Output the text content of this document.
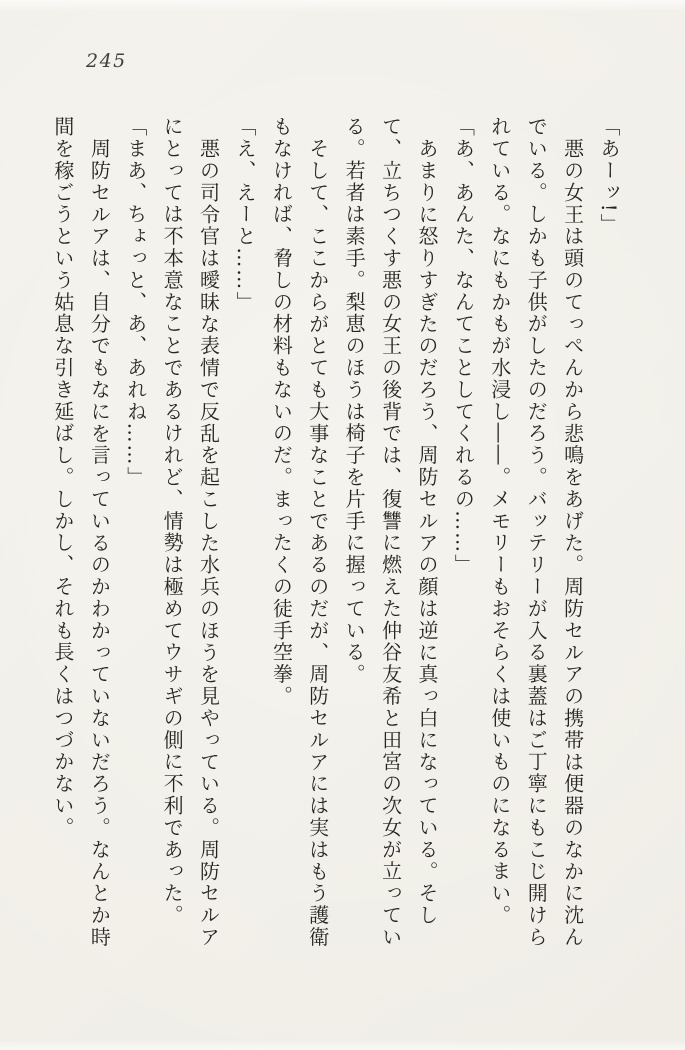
245

「あーッ!」

悪の女王は頭のてっぺんから悲鳴をあげた。周防セルアの携帯は便器のなかに沈んでいる。しかも子供がしたのだろう。バッテリーが入る裏蓋はご丁寧にもこじ開けられている。なにもかもが水浸し――。メモリーもおそらくは使いものになるまい。

「あ、あんた、なんてことしてくれるの……」

あまりに怒りすぎたのだろう、周防セルアの顔は逆に真っ白になっている。そして、立ちつくす悪の女王の後背では、復讐に燃えた仲谷友希と田宮の次女が立っている。若者は素手。梨恵のほうは椅子を片手に握っている。

そして、ここからがとても大事なことであるのだが、周防セルアには実はもう護衛もなければ、脅しの材料もないのだ。まったくの徒手空拳。

「え、えーと……」

悪の司令官は曖昧な表情で反乱を起こした水兵のほうを見やっている。周防セルアにとっては不本意なことであるけれど、情勢は極めてウサギの側に不利であった。

「まあ、ちょっと、あ、あれね……」

周防セルアは、自分でもなにを言っているのかわかっていないだろう。なんとか時間を稼ごうという姑息な引き延ばし。しかし、それも長くはつづかない。
